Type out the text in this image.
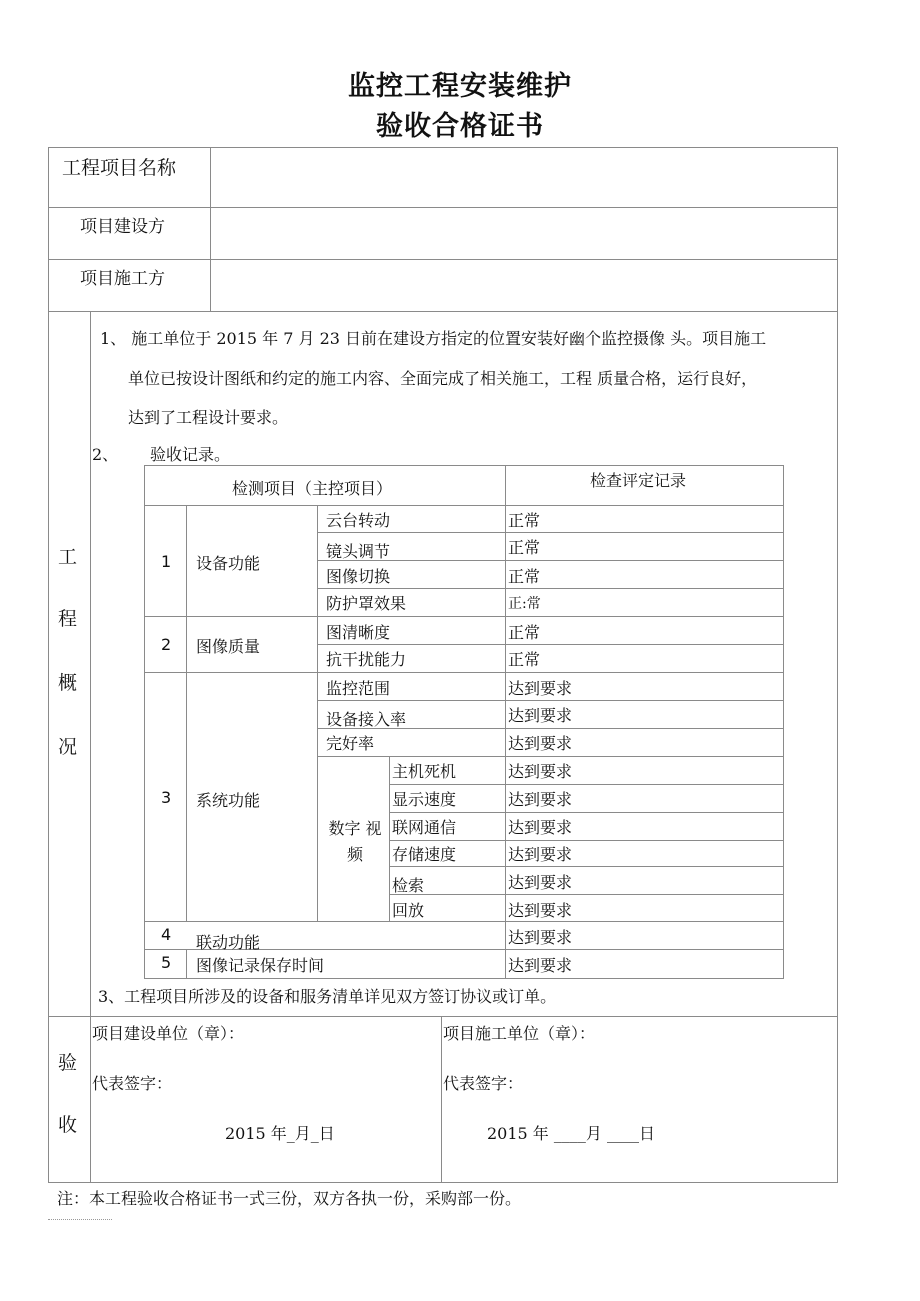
监控工程安装维护
验收合格证书
工程项目名称
项目建设方
项目施工方
工
程
概
况
1、 施工单位于 2015 年 7 月 23 日前在建设方指定的位置安装好幽个监控摄像 头。项目施工
单位已按设计图纸和约定的施工内容、全面完成了相关施工，工程 质量合格，运行良好，
达到了工程设计要求。
2、 验收记录。
检测项目（主控项目）	检查评定记录
1 设备功能
2 图像质量
3 系统功能
4 联动功能
5 图像记录保存时间
数字 视
频
云台转动
镜头调节
图像切换
防护罩效果
图清晰度
抗干扰能力
监控范围
设备接入率
完好率
主机死机
显示速度
联网通信
存储速度
检索
回放
正常
正常
正常
正:常
正常
正常
达到要求
达到要求
达到要求
达到要求
达到要求
达到要求
达到要求
达到要求
达到要求
达到要求
达到要求
3、工程项目所涉及的设备和服务清单详见双方签订协议或订单。
验
收
项目建设单位（章）：
代表签字：
2015 年_月_日
项目施工单位（章）：
代表签字：
2015 年 ____月 ____日
注：本工程验收合格证书一式三份，双方各执一份，采购部一份。
